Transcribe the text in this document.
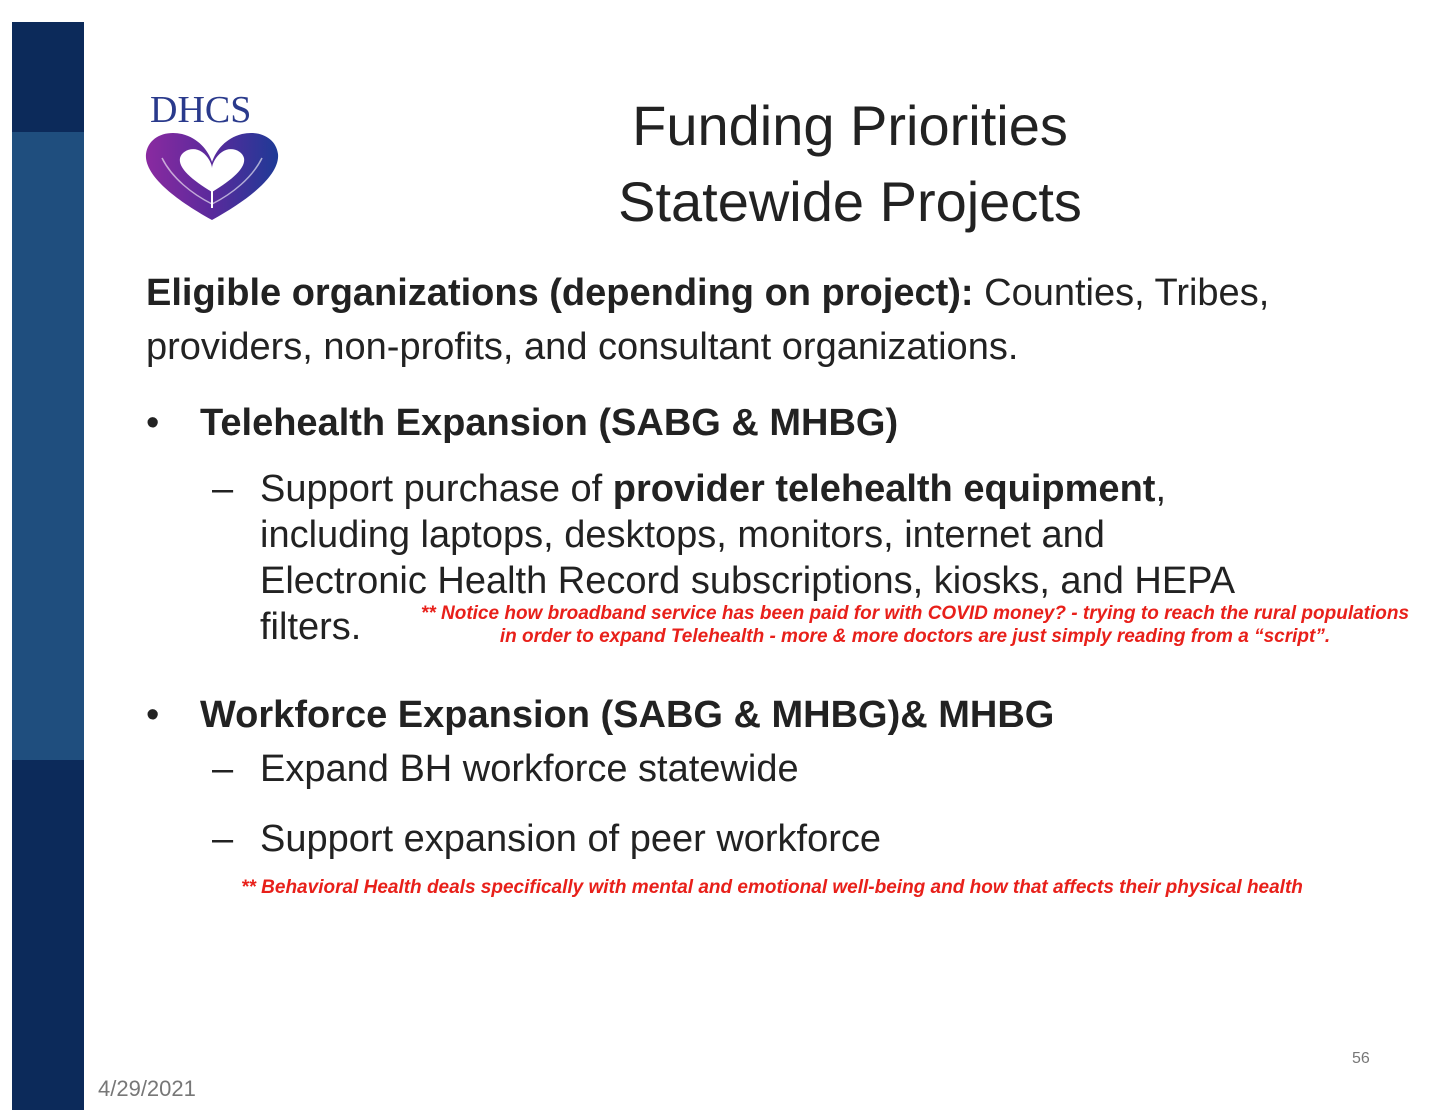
DHCS	Funding Priorities
Statewide Projects
Eligible organizations (depending on project): Counties, Tribes, providers, non-profits, and consultant organizations.
• Telehealth Expansion (SABG & MHBG)
– Support purchase of provider telehealth equipment,
including laptops, desktops, monitors, internet and
Electronic Health Record subscriptions, kiosks, and HEPA
filters.	** Notice how broadband service has been paid for with COVID money? - trying to reach the rural populations in order to expand Telehealth - more & more doctors are just simply reading from a “script”.
• Workforce Expansion (SABG & MHBG)& MHBG
– Expand BH workforce statewide
– Support expansion of peer workforce
** Behavioral Health deals specifically with mental and emotional well-being and how that affects their physical health
4/29/2021
56
